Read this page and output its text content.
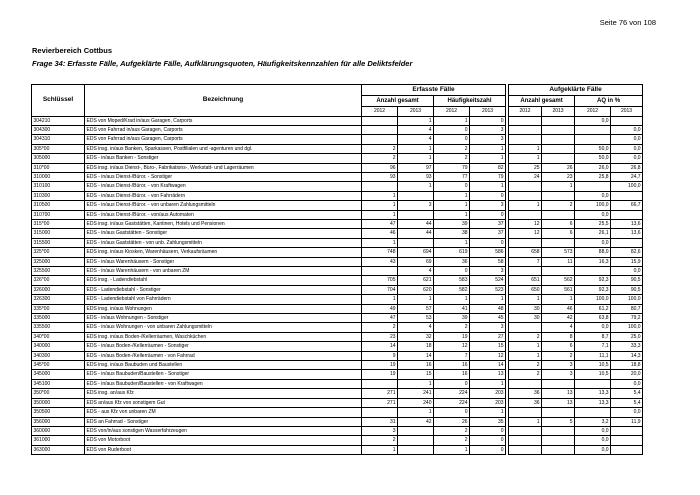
Seite 76 von 108
Revierbereich Cottbus
Frage 34: Erfasste Fälle, Aufgeklärte Fälle, Aufklärungsquoten, Häufigkeitskennzahlen für alle Deliktsfelder
Schlüssel	Bezeichnung	Erfasste Fälle					Aufgeklärte Fälle			
		Anzahl gesamt		Häufigkeitszahl			Anzahl gesamt		AQ in %	
		2012	2013	2012	2013		2012	2013	2012	2013
304210	EDS von Moped/Krad in/aus Garagen, Carports		1	1	0				0,0	
304300	EDS von Fahrrad in/aus Garagen, Carports		4	0	3					0,0
304310	EDS von Fahrrad in/aus Garagen, Carports		4	0	3					0,0
305*00	EDS insg. in/aus Banken, Sparkassen, Postfilialen und -agenturen und dgl.	2	1	2	1		1		50,0	0,0
305000	EDS - in/aus Banken - Sonstiger	2	1	2	1		1		50,0	0,0
310*00	EDS insg. in/aus Dienst-, Büro-, Fabrikations-, Werkstatt- und Lagerräumen	96	97	79	82		25	26	26,0	26,8
310000	EDS - in/aus Dienst-/Büror. - Sonstiger	93	93	77	79		24	23	25,8	24,7
310100	EDS - in/aus Dienst-/Büror. - von Kraftwagen		1	0	1			1		100,0
310300	EDS - in/aus Dienst-/Büror. - von Fahrrädern	1		1	0				0,0	
310500	EDS - in/aus Dienst-/Büror. - von unbaren Zahlungsmitteln	1	3	1	3		1	2	100,0	66,7
310700	EDS - in/aus Dienst-/Büror. - von/aus Automaten	1		1	0				0,0	
315*00	EDS insg. in/aus Gaststätten, Kantinen, Hotels und Pensionen	47	44	39	37		12	6	25,5	13,6
315000	EDS - in/aus Gaststätten - Sonstiger	46	44	38	37		12	6	26,1	13,6
315500	EDS - in/aus Gaststätten - von unb. Zahlungsmitteln	1		1	0				0,0	
325*00	EDS insg. in/aus Kiosken, Warenhäusern, Verkaufsräumen	748	694	619	586		658	573	88,0	82,6
325000	EDS - in/aus Warenhäusern - Sonstiger	43	69	36	58		7	11	16,3	15,9
325500	EDS - in/aus Warenhäusern - von unbaren ZM		4	0	3					0,0
326*00	EDS insg. - Ladendiebstahl	705	621	583	524		651	562	92,3	90,5
326000	EDS - Ladendiebstahl - Sonstiger	704	620	582	523		650	561	92,3	90,5
326300	EDS - Ladendiebstahl von Fahrrädern	1	1	1	1		1	1	100,0	100,0
335*00	EDS insg. in/aus Wohnungen	49	57	41	48		30	46	61,2	80,7
335000	EDS - in/aus Wohnungen - Sonstiger	47	53	39	45		30	42	63,8	79,2
335500	EDS - in/aus Wohnungen - von unbaren Zahlungsmitteln	2	4	2	3			4	0,0	100,0
340*00	EDS insg. in/aus Boden-/Kellerräumen, Waschküchen	23	32	19	27		2	8	8,7	25,0
340000	EDS - in/aus Boden-/Kellerräumen - Sonstiger	14	18	12	15		1	6	7,1	33,3
340300	EDS - in/aus Boden-/Kellerräumen - von Fahrrad	9	14	7	12		1	2	11,1	14,3
345*00	EDS insg. in/aus Baubuden und Baustellen	19	16	16	14		2	3	10,5	18,8
345000	EDS - in/aus Baubuden/Baustellen - Sonstiger	19	15	16	13		2	3	10,5	20,0
345100	EDS - in/aus Baubuden/Baustellen - von Kraftwagen		1	0	1					0,0
350*00	EDS insg. an/aus Kfz	271	241	224	203		36	13	13,3	5,4
350000	EDS an/aus Kfz von sonstigem Gut	271	240	224	203		36	13	13,3	5,4
350500	EDS - aus Kfz von unbaren ZM		1	0	1					0,0
356000	EDS an Fahrrad - Sonstiger	31	42	26	35		1	5	3,2	11,9
360000	EDS von/in/aus sonstigen Wasserfahrzeugen	3		2	0				0,0	
361000	EDS von Motorboot	2		2	0				0,0	
363000	EDS von Ruderboot	1		1	0				0,0	
